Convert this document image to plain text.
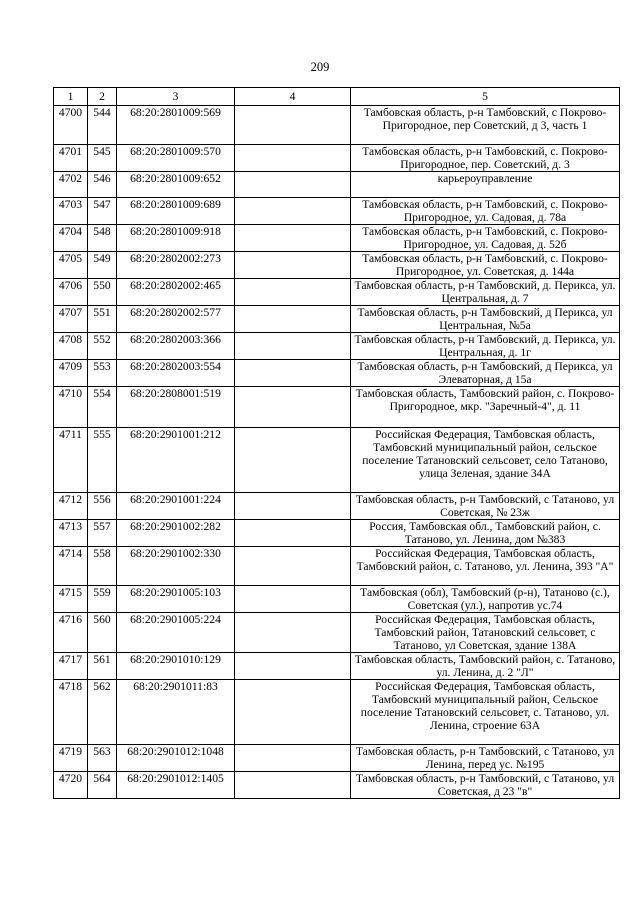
209
1	2	3	4	5
4700	544	68:20:2801009:569		Тамбовская область, р-н Тамбовский, с Покрово-Пригородное, пер Советский, д 3, часть 1
4701	545	68:20:2801009:570		Тамбовская область, р-н Тамбовский, с. Покрово-Пригородное, пер. Советский, д. 3
4702	546	68:20:2801009:652		карьероуправление
4703	547	68:20:2801009:689		Тамбовская область, р-н Тамбовский, с. Покрово-Пригородное, ул. Садовая, д. 78а
4704	548	68:20:2801009:918		Тамбовская область, р-н Тамбовский, с. Покрово-Пригородное, ул. Садовая, д. 52б
4705	549	68:20:2802002:273		Тамбовская область, р-н Тамбовский, с. Покрово-Пригородное, ул. Советская, д. 144а
4706	550	68:20:2802002:465		Тамбовская область, р-н Тамбовский, д. Перикса, ул. Центральная, д. 7
4707	551	68:20:2802002:577		Тамбовская область, р-н Тамбовский, д Перикса, ул Центральная, №5а
4708	552	68:20:2802003:366		Тамбовская область, р-н Тамбовский, д. Перикса, ул. Центральная, д. 1г
4709	553	68:20:2802003:554		Тамбовская область, р-н Тамбовский, д Перикса, ул Элеваторная, д 15а
4710	554	68:20:2808001:519		Тамбовская область, Тамбовский район, с. Покрово-Пригородное, мкр. "Заречный-4", д. 11
4711	555	68:20:2901001:212		Российская Федерация, Тамбовская область, Тамбовский муниципальный район, сельское поселение Татановский сельсовет, село Татаново, улица Зеленая, здание 34А
4712	556	68:20:2901001:224		Тамбовская область, р-н Тамбовский, с Татаново, ул Советская, № 23ж
4713	557	68:20:2901002:282		Россия, Тамбовская обл., Тамбовский район, с. Татаново, ул. Ленина, дом №383
4714	558	68:20:2901002:330		Российская Федерация, Тамбовская область, Тамбовский район, с. Татаново, ул. Ленина, 393 "А"
4715	559	68:20:2901005:103		Тамбовская (обл), Тамбовский (р-н), Татаново (с.), Советская (ул.), напротив ус.74
4716	560	68:20:2901005:224		Российская Федерация, Тамбовская область, Тамбовский район, Татановский сельсовет, с Татаново, ул Советская, здание 138А
4717	561	68:20:2901010:129		Тамбовская область, Тамбовский район, с. Татаново, ул. Ленина, д. 2 "Л"
4718	562	68:20:2901011:83		Российская Федерация, Тамбовская область, Тамбовский муниципальный район, Сельское поселение Татановский сельсовет, с. Татаново, ул. Ленина, строение 63А
4719	563	68:20:2901012:1048		Тамбовская область, р-н Тамбовский, с Татаново, ул Ленина, перед ус. №195
4720	564	68:20:2901012:1405		Тамбовская область, р-н Тамбовский, с Татаново, ул Советская, д 23 "в"
